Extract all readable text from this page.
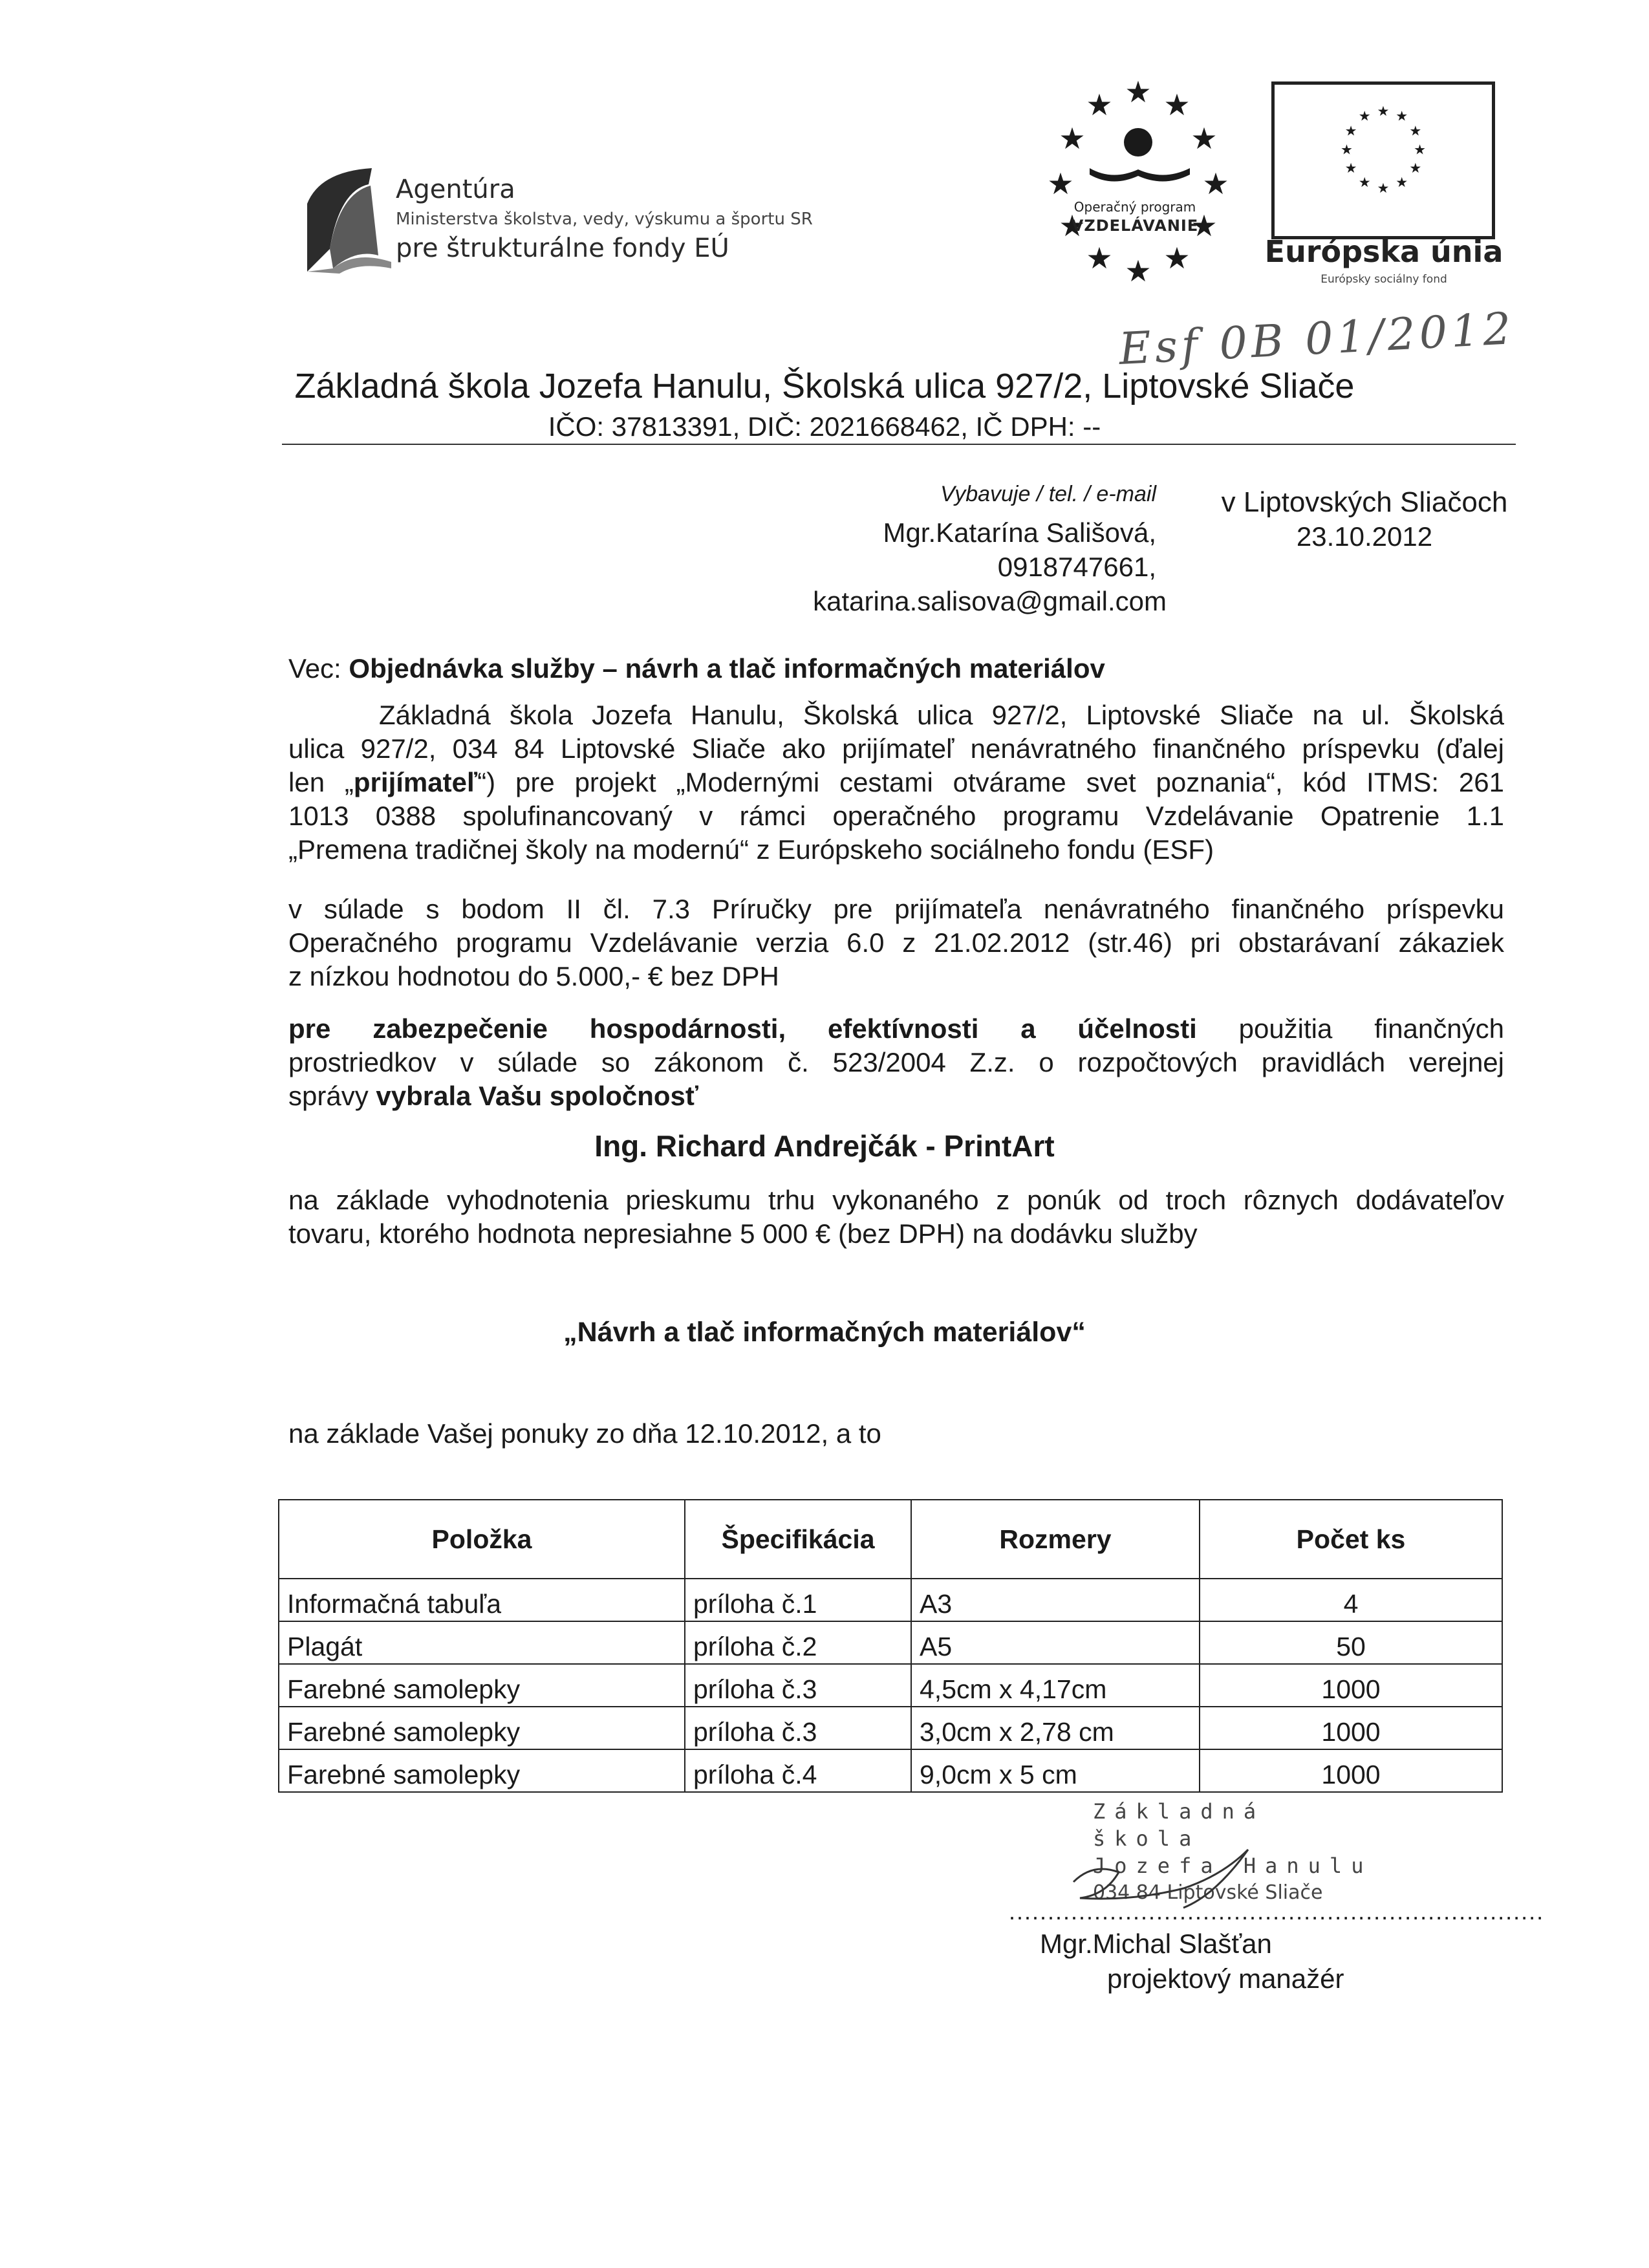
Agentúra
Ministerstva školstva, vedy, výskumu a športu SR
pre štrukturálne fondy EÚ
★
★ ★
★	★
★	★
★	★
★ ★
★
Operačný program
VZDELÁVANIE
★ ★
★
★
★
★
★
★
★
★
★ ★
Európska únia
Európsky sociálny fond
Esf 0B 01/2012
Základná škola Jozefa Hanulu, Školská ulica 927/2, Liptovské Sliače
IČO: 37813391, DIČ: 2021668462, IČ DPH: --
Vybavuje / tel. / e-mail
Mgr.Katarína Sališová,
0918747661,
katarina.salisova@gmail.com
v Liptovských Sliačoch
23.10.2012
Vec: Objednávka služby – návrh a tlač informačných materiálov
Základná škola Jozefa Hanulu, Školská ulica 927/2, Liptovské Sliače na ul. Školská
ulica 927/2, 034 84 Liptovské Sliače ako prijímateľ nenávratného finančného príspevku (ďalej
len „prijímateľ“) pre projekt „Modernými cestami otvárame svet poznania“, kód ITMS: 261
1013 0388 spolufinancovaný v rámci operačného programu Vzdelávanie Opatrenie 1.1
„Premena tradičnej školy na modernú“ z Európskeho sociálneho fondu (ESF)
v súlade s bodom II čl. 7.3 Príručky pre prijímateľa nenávratného finančného príspevku
Operačného programu Vzdelávanie verzia 6.0 z 21.02.2012 (str.46) pri obstarávaní zákaziek
z nízkou hodnotou do 5.000,- € bez DPH
pre zabezpečenie hospodárnosti, efektívnosti a účelnosti použitia finančných
prostriedkov v súlade so zákonom č. 523/2004 Z.z. o rozpočtových pravidlách verejnej
správy vybrala Vašu spoločnosť
Ing. Richard Andrejčák - PrintArt
na základe vyhodnotenia prieskumu trhu vykonaného z ponúk od troch rôznych dodávateľov
tovaru, ktorého hodnota nepresiahne 5 000 € (bez DPH) na dodávku služby
„Návrh a tlač informačných materiálov“
na základe Vašej ponuky zo dňa 12.10.2012, a to
Položka	Špecifikácia	Rozmery	Počet ks
Informačná tabuľa	príloha č.1	A3	4
Plagát	príloha č.2	A5	50
Farebné samolepky	príloha č.3	4,5cm x 4,17cm	1000
Farebné samolepky	príloha č.3	3,0cm x 2,78 cm	1000
Farebné samolepky	príloha č.4	9,0cm x 5 cm	1000
Základná škola
Jozefa Hanulu
034 84 Liptovské Sliače
.....................................................................
Mgr.Michal Slašťan
projektový manažér
